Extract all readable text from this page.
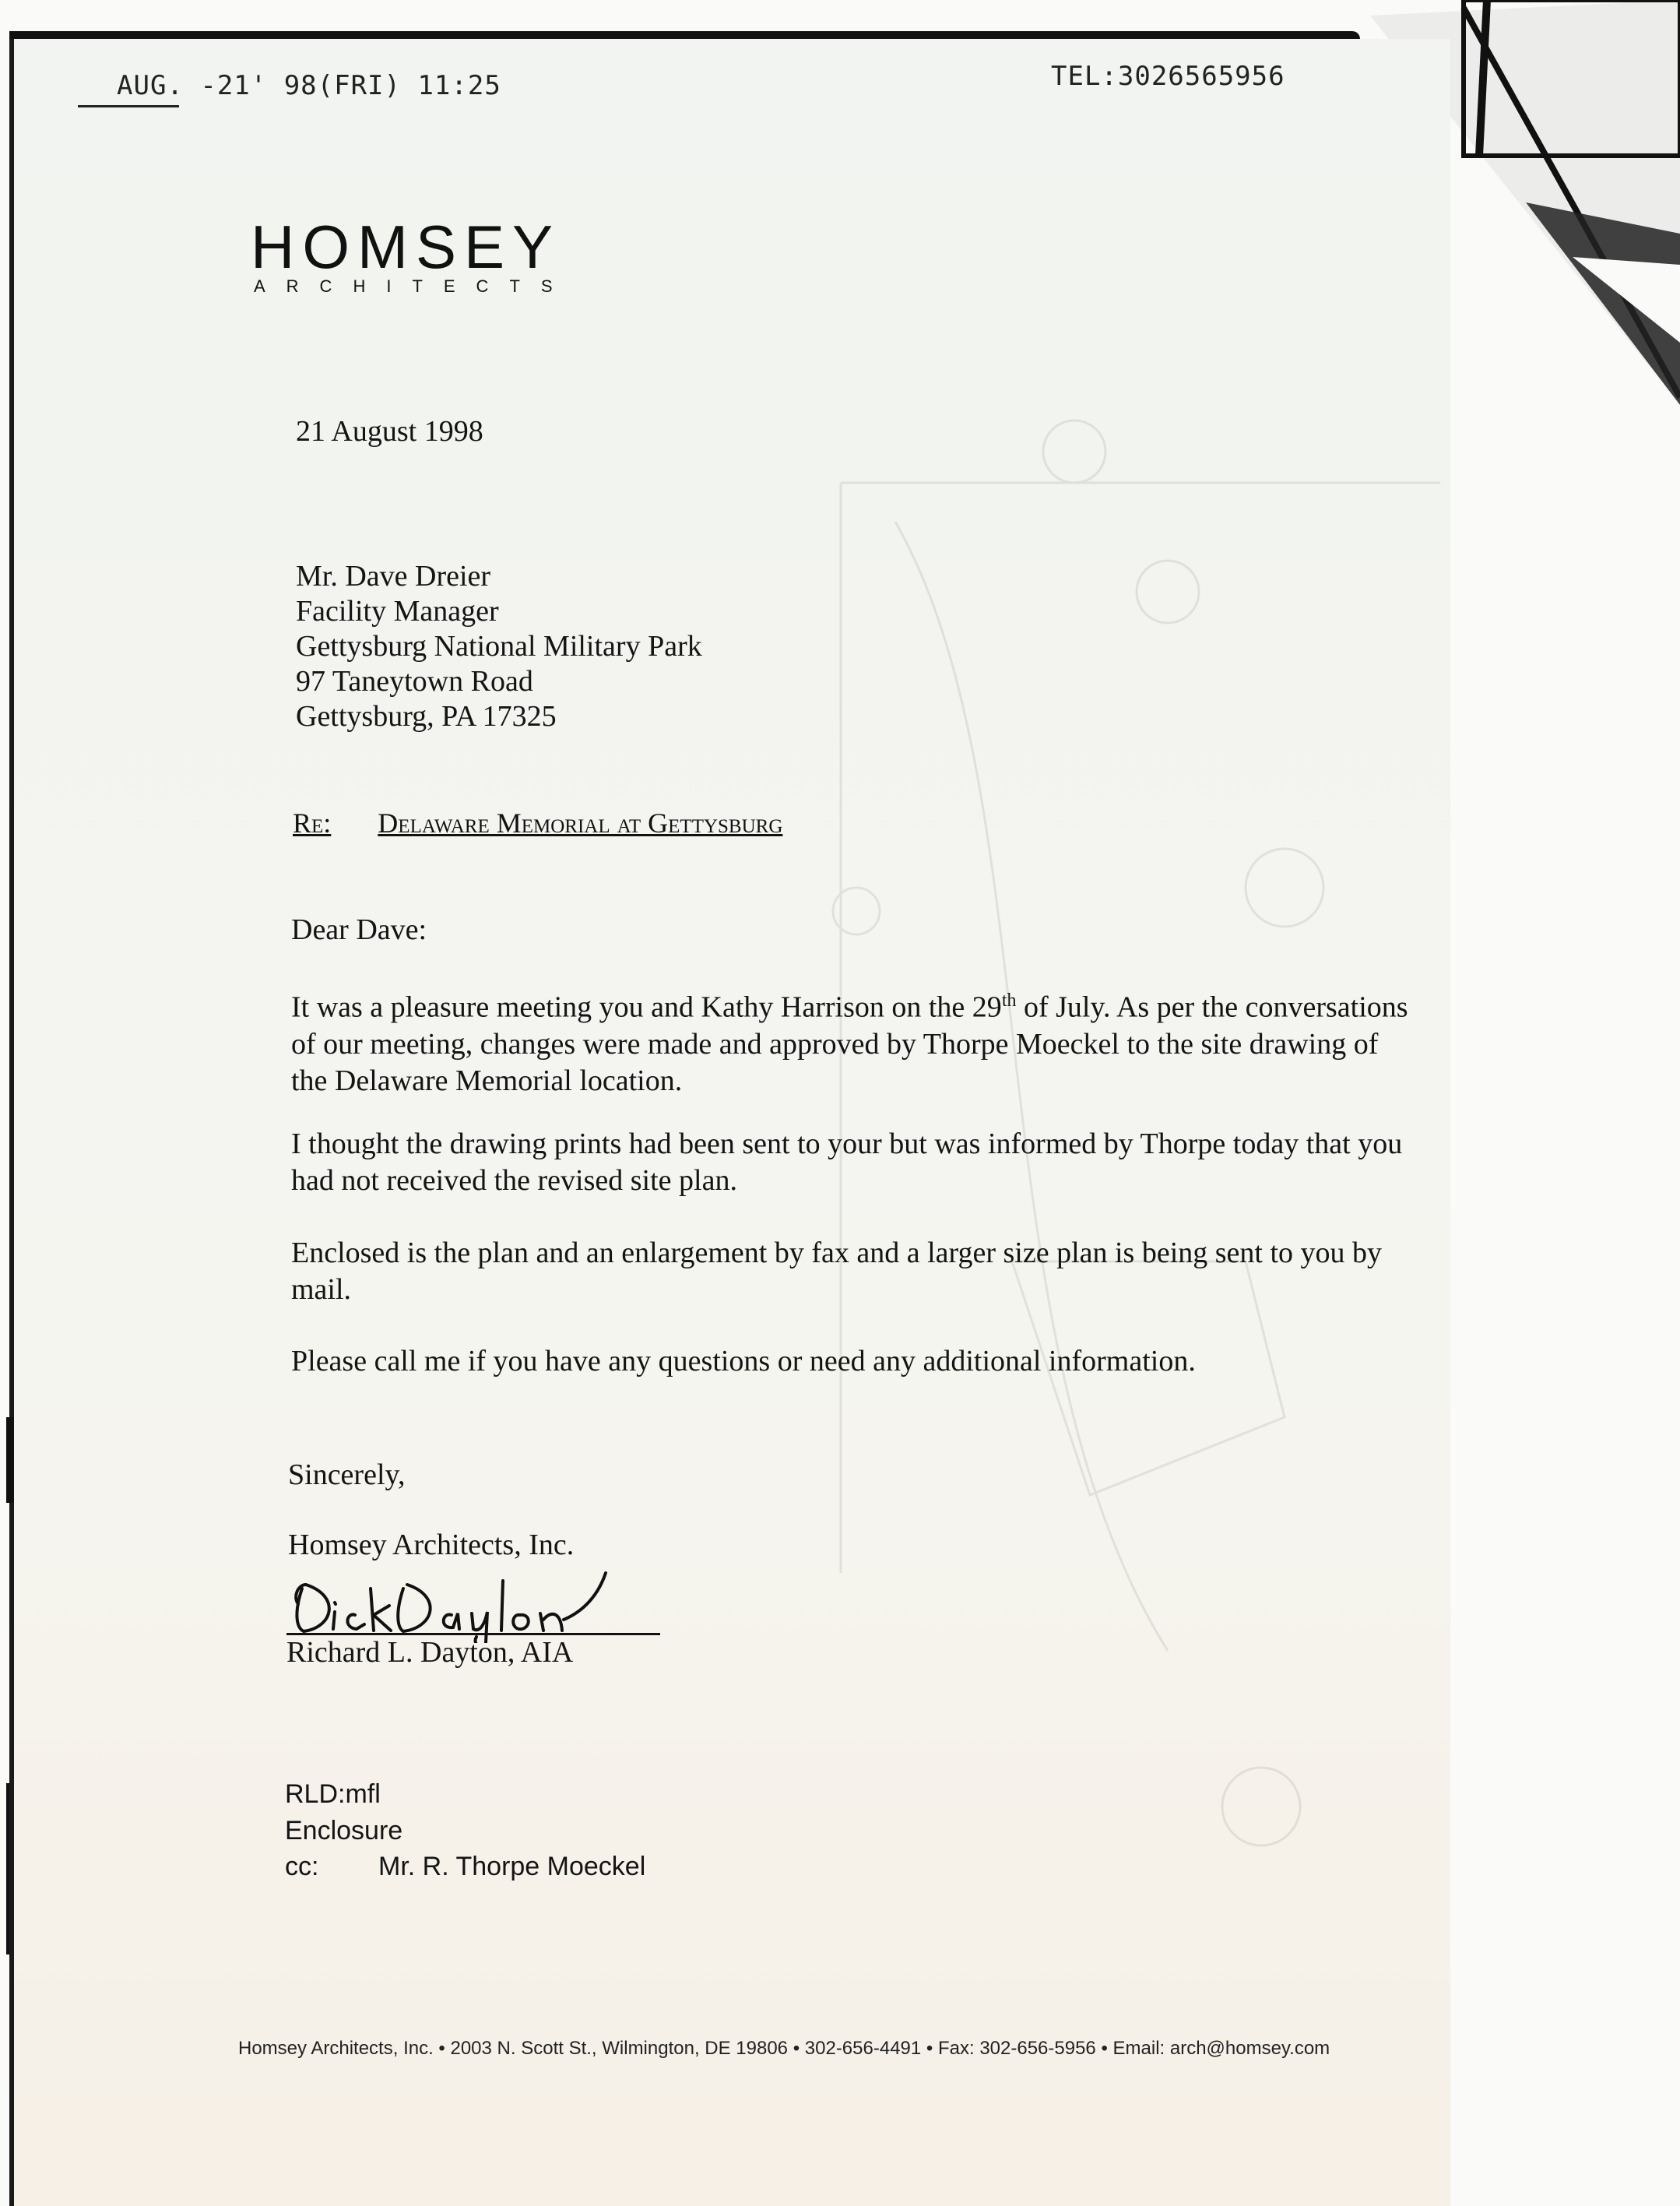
AUG. -21' 98(FRI) 11:25	TEL:3026565956
HOMSEY
ARCHITECTS
21 August 1998
Mr. Dave Dreier
Facility Manager
Gettysburg National Military Park
97 Taneytown Road
Gettysburg, PA 17325
Re: Delaware Memorial at Gettysburg
Dear Dave:
It was a pleasure meeting you and Kathy Harrison on the 29th of July. As per the conversations of our meeting, changes were made and approved by Thorpe Moeckel to the site drawing of the Delaware Memorial location.
I thought the drawing prints had been sent to your but was informed by Thorpe today that you had not received the revised site plan.
Enclosed is the plan and an enlargement by fax and a larger size plan is being sent to you by mail.
Please call me if you have any questions or need any additional information.
Sincerely,
Homsey Architects, Inc.
Richard L. Dayton, AIA
RLD:mfl
Enclosure
cc: Mr. R. Thorpe Moeckel
Homsey Architects, Inc. • 2003 N. Scott St., Wilmington, DE 19806 • 302-656-4491 • Fax: 302-656-5956 • Email: arch@homsey.com
